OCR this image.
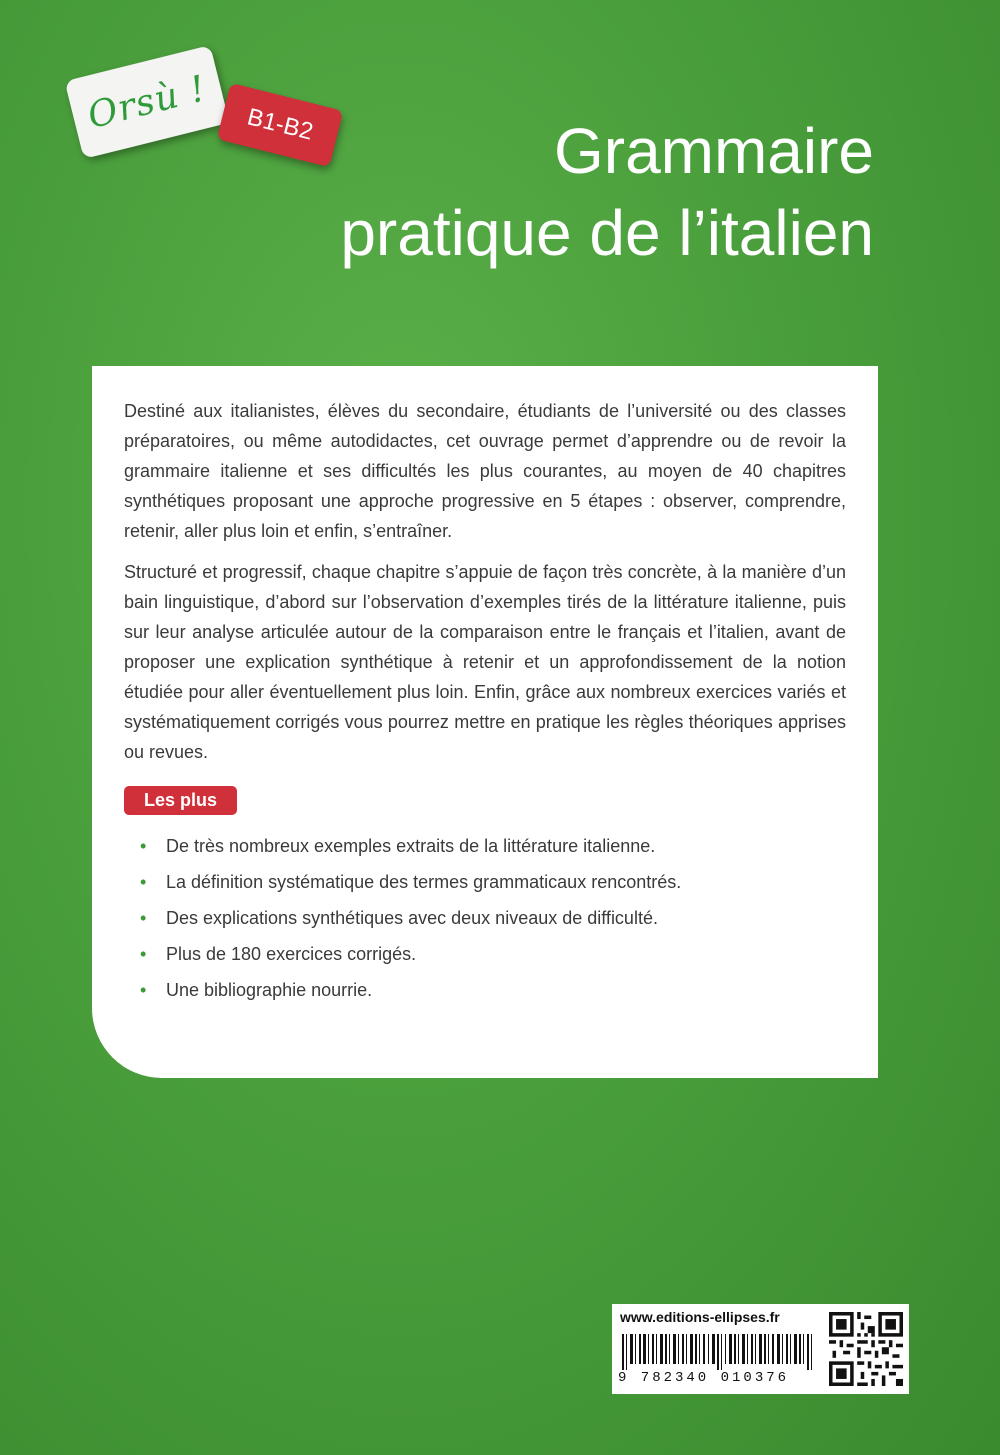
Orsù ! B1-B2	Grammaire
pratique de l’italien

Destiné aux italianistes, élèves du secondaire, étudiants de l’université ou des classes préparatoires, ou même autodidactes, cet ouvrage permet d’apprendre ou de revoir la grammaire italienne et ses difficultés les plus courantes, au moyen de 40 chapitres synthétiques proposant une approche progressive en 5 étapes : observer, comprendre, retenir, aller plus loin et enfin, s’entraîner.

Structuré et progressif, chaque chapitre s’appuie de façon très concrète, à la manière d’un bain linguistique, d’abord sur l’observation d’exemples tirés de la littérature italienne, puis sur leur analyse articulée autour de la comparaison entre le français et l’italien, avant de proposer une explication synthétique à retenir et un approfondissement de la notion étudiée pour aller éventuellement plus loin. Enfin, grâce aux nombreux exercices variés et systématiquement corrigés vous pourrez mettre en pratique les règles théoriques apprises ou revues.

Les plus
• De très nombreux exemples extraits de la littérature italienne.
• La définition systématique des termes grammaticaux rencontrés.
• Des explications synthétiques avec deux niveaux de difficulté.
• Plus de 180 exercices corrigés.
• Une bibliographie nourrie.
www.editions-ellipses.fr
9 782340 010376
